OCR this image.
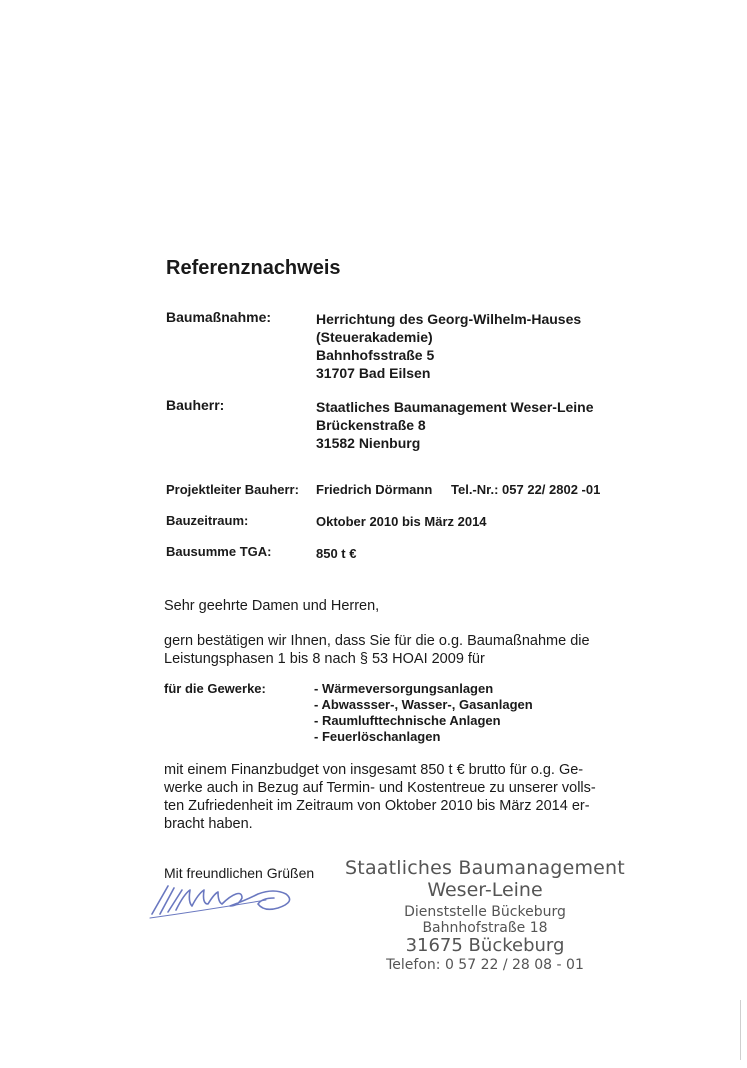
Referenznachweis
Baumaßnahme:	Herrichtung des Georg-Wilhelm-Hauses
(Steuerakademie)
Bahnhofsstraße 5
31707 Bad Eilsen
Bauherr:	Staatliches Baumanagement Weser-Leine
Brückenstraße 8
31582 Nienburg
Projektleiter Bauherr: Friedrich Dörmann Tel.-Nr.: 057 22/ 2802 -01
Bauzeitraum:	Oktober 2010 bis März 2014
Bausumme TGA:	850 t €
Sehr geehrte Damen und Herren,
gern bestätigen wir Ihnen, dass Sie für die o.g. Baumaßnahme die
Leistungsphasen 1 bis 8 nach § 53 HOAI 2009 für
für die Gewerke:	- Wärmeversorgungsanlagen
- Abwassser-, Wasser-, Gasanlagen
- Raumlufttechnische Anlagen
- Feuerlöschanlagen
mit einem Finanzbudget von insgesamt 850 t € brutto für o.g. Ge-
werke auch in Bezug auf Termin- und Kostentreue zu unserer volls-
ten Zufriedenheit im Zeitraum von Oktober 2010 bis März 2014 er-
bracht haben.
Mit freundlichen Grüßen	Staatliches Baumanagement
Weser-Leine
Dienststelle Bückeburg
Bahnhofstraße 18
31675 Bückeburg
Telefon: 0 57 22 / 28 08 - 01
